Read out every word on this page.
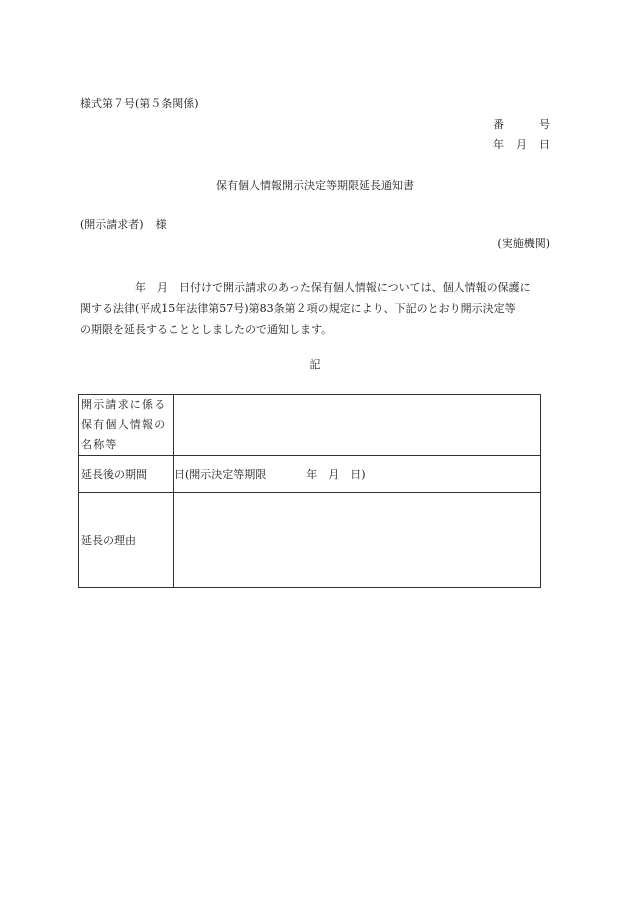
様式第７号(第５条関係)
番	号
年 月 日
保有個人情報開示決定等期限延長通知書
(開示請求者) 様
(実施機関)
　　　　　年　月　日付けで開示請求のあった保有個人情報については、個人情報の保護に
関する法律(平成15年法律第57号)第83条第２項の規定により、下記のとおり開示決定等
の期限を延長することとしましたので通知します。
記
開示請求に係る
保有個人情報の
名称等	

延長後の期間	日(開示決定等期限 年　月　日)
延長の理由	
